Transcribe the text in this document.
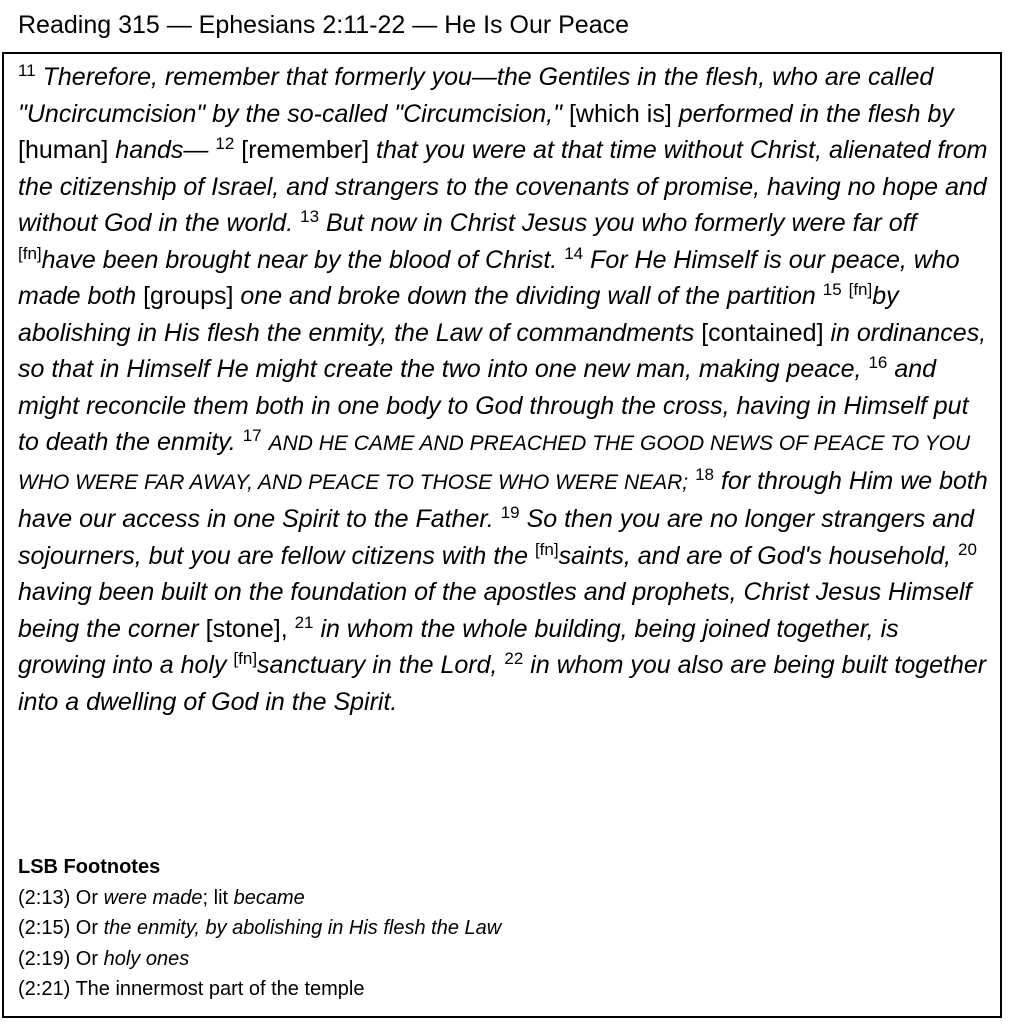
Reading 315 — Ephesians 2:11-22 — He Is Our Peace
$^{11}$ Therefore, remember that formerly you—the Gentiles in the flesh, who are called "Uncircumcision" by the so-called "Circumcision," [which is] performed in the flesh by [human] hands— $^{12}$ [remember] that you were at that time without Christ, alienated from the citizenship of Israel, and strangers to the covenants of promise, having no hope and without God in the world. $^{13}$ But now in Christ Jesus you who formerly were far off [fn]have been brought near by the blood of Christ. $^{14}$ For He Himself is our peace, who made both [groups] one and broke down the dividing wall of the partition $^{15}$ [fn]by abolishing in His flesh the enmity, the Law of commandments [contained] in ordinances, so that in Himself He might create the two into one new man, making peace, $^{16}$ and might reconcile them both in one body to God through the cross, having in Himself put to death the enmity. $^{17}$ AND HE CAME AND PREACHED THE GOOD NEWS OF PEACE TO YOU WHO WERE FAR AWAY, AND PEACE TO THOSE WHO WERE NEAR; $^{18}$ for through Him we both have our access in one Spirit to the Father. $^{19}$ So then you are no longer strangers and sojourners, but you are fellow citizens with the [fn]saints, and are of God's household, $^{20}$ having been built on the foundation of the apostles and prophets, Christ Jesus Himself being the corner [stone], $^{21}$ in whom the whole building, being joined together, is growing into a holy [fn]sanctuary in the Lord, $^{22}$ in whom you also are being built together into a dwelling of God in the Spirit.
LSB Footnotes
(2:13) Or were made; lit became
(2:15) Or the enmity, by abolishing in His flesh the Law
(2:19) Or holy ones
(2:21) The innermost part of the temple
